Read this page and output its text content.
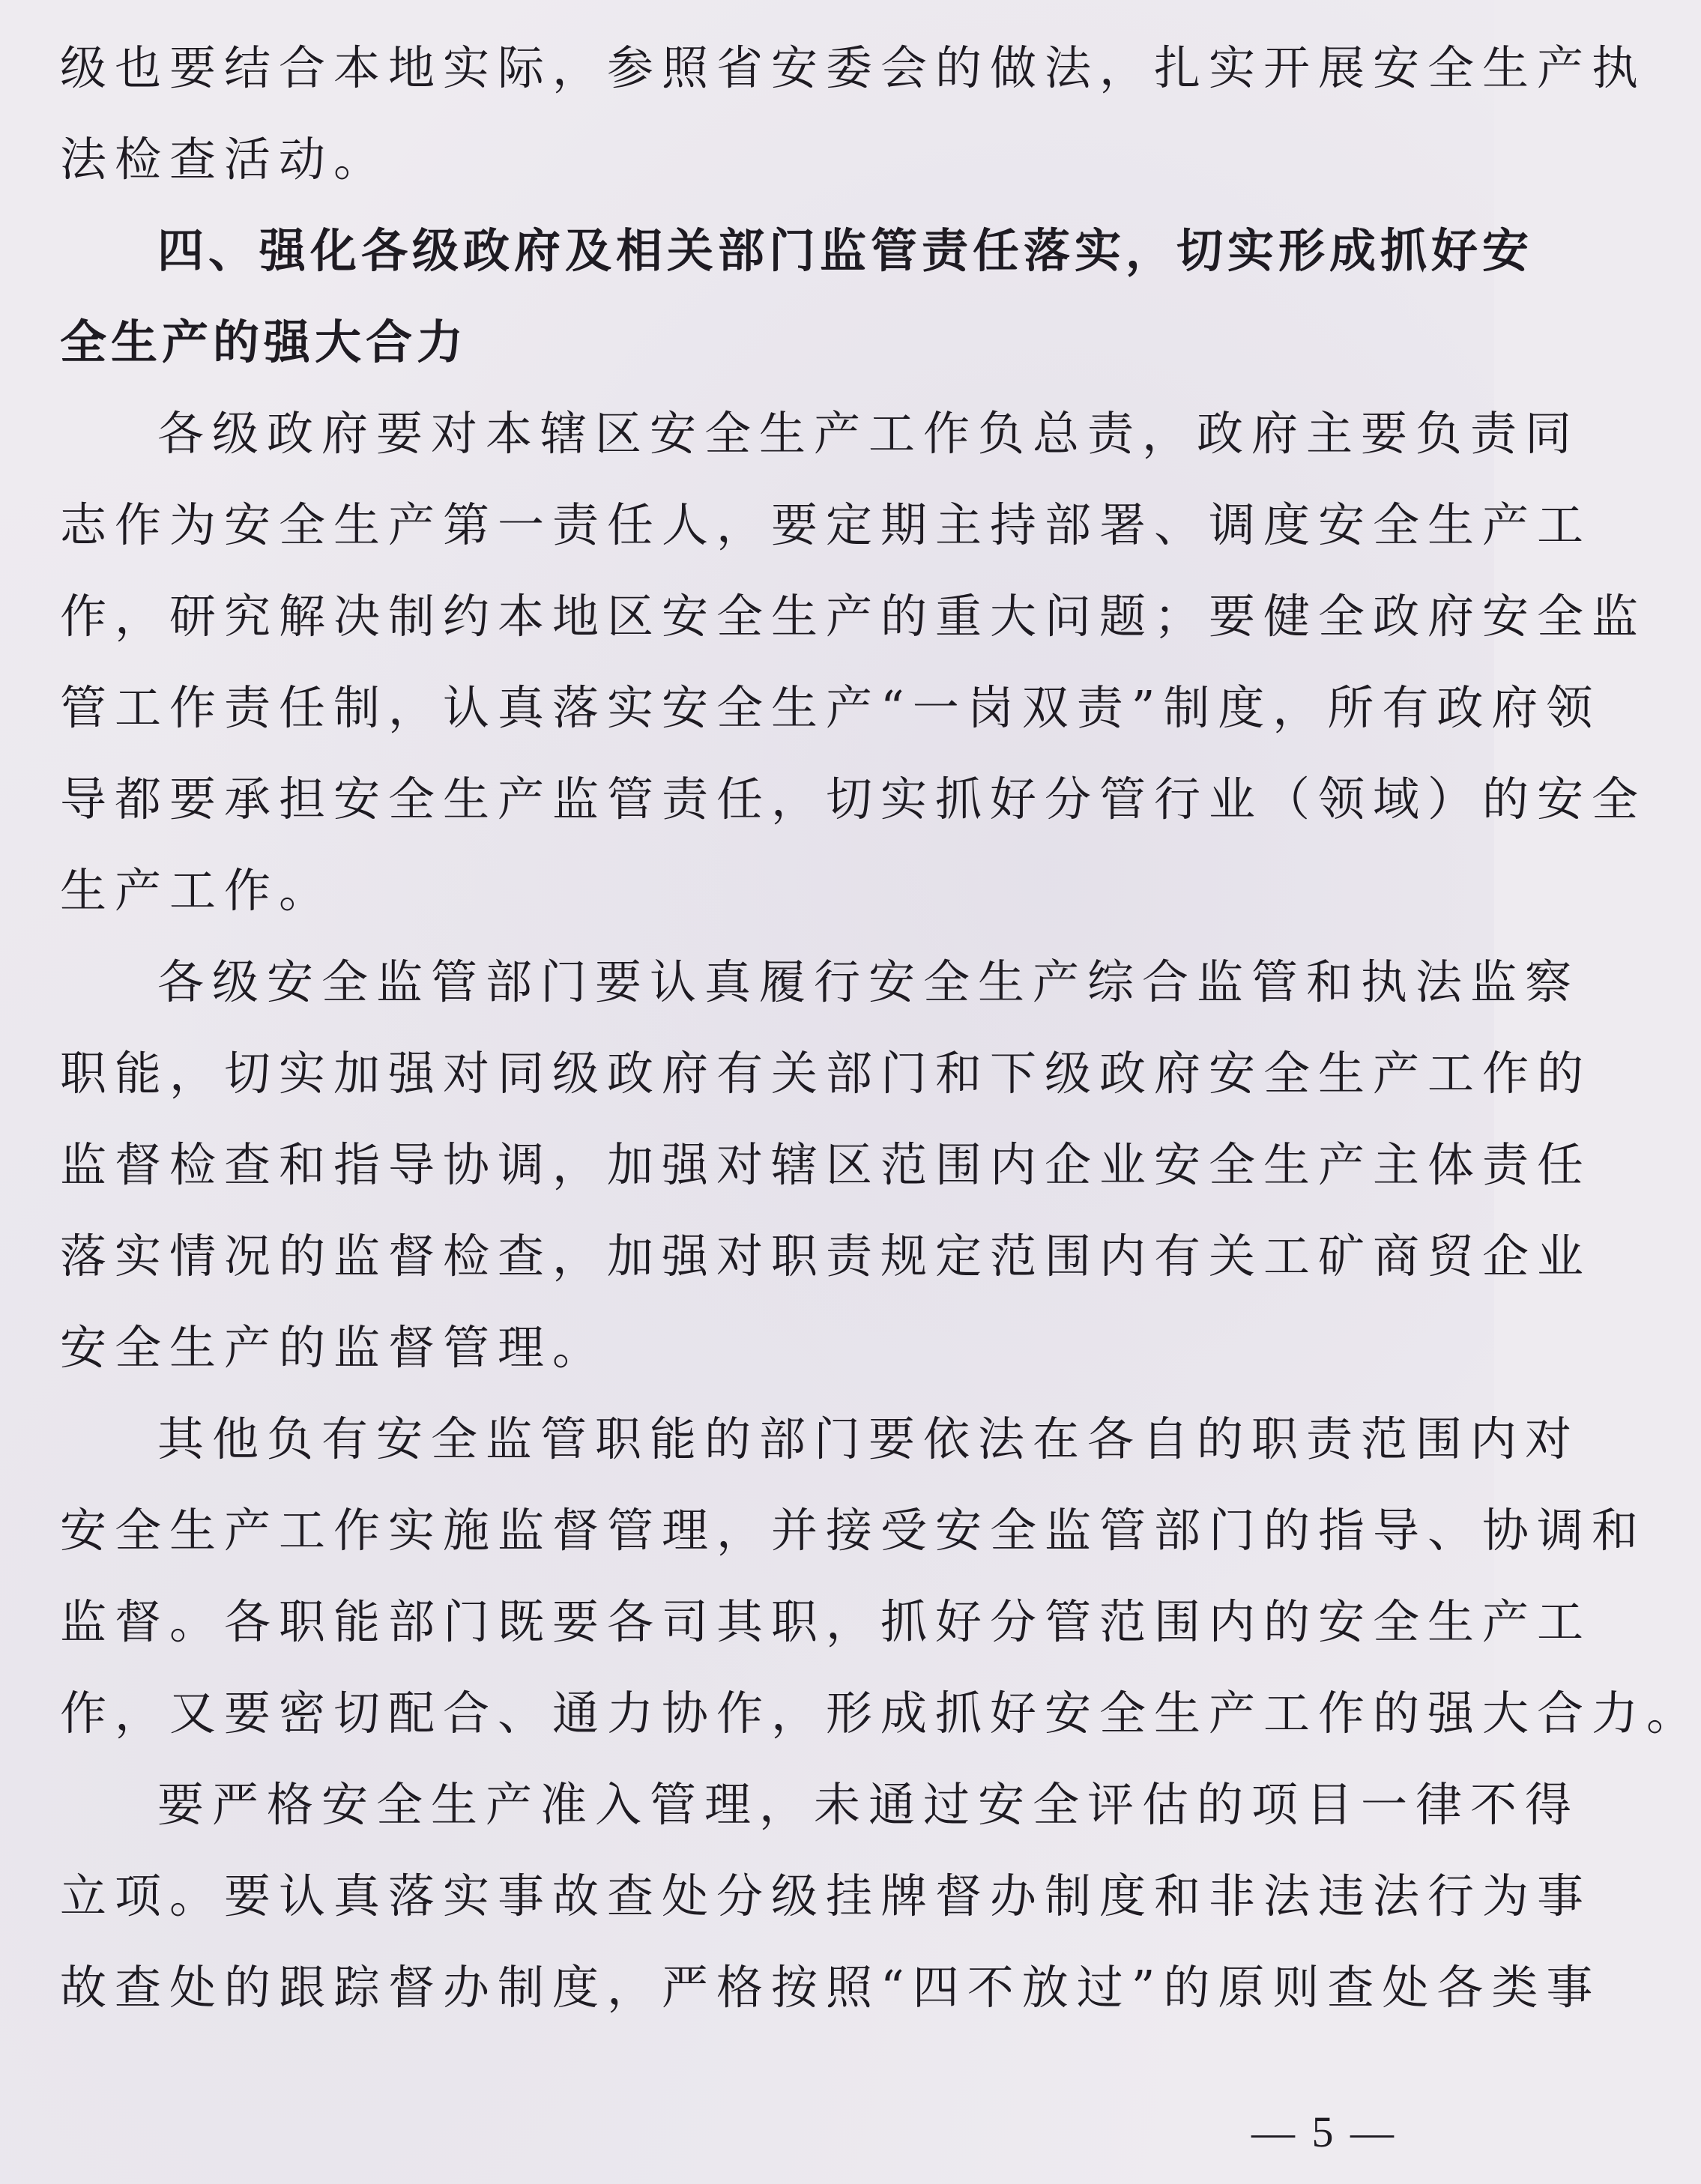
级也要结合本地实际，参照省安委会的做法，扎实开展安全生产执
法检查活动。
四、强化各级政府及相关部门监管责任落实，切实形成抓好安
全生产的强大合力
各级政府要对本辖区安全生产工作负总责，政府主要负责同
志作为安全生产第一责任人，要定期主持部署、调度安全生产工
作，研究解决制约本地区安全生产的重大问题；要健全政府安全监
管工作责任制，认真落实安全生产“一岗双责”制度，所有政府领
导都要承担安全生产监管责任，切实抓好分管行业（领域）的安全
生产工作。
各级安全监管部门要认真履行安全生产综合监管和执法监察
职能，切实加强对同级政府有关部门和下级政府安全生产工作的
监督检查和指导协调，加强对辖区范围内企业安全生产主体责任
落实情况的监督检查，加强对职责规定范围内有关工矿商贸企业
安全生产的监督管理。
其他负有安全监管职能的部门要依法在各自的职责范围内对
安全生产工作实施监督管理，并接受安全监管部门的指导、协调和
监督。各职能部门既要各司其职，抓好分管范围内的安全生产工
作，又要密切配合、通力协作，形成抓好安全生产工作的强大合力。
要严格安全生产准入管理，未通过安全评估的项目一律不得
立项。要认真落实事故查处分级挂牌督办制度和非法违法行为事
故查处的跟踪督办制度，严格按照“四不放过”的原则查处各类事
— 5 —
